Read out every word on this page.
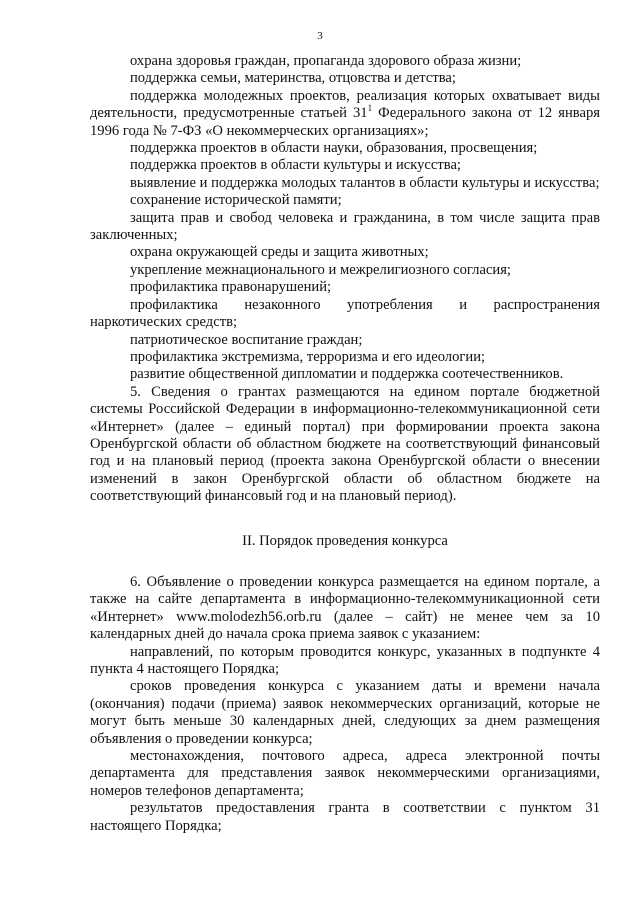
3

охрана здоровья граждан, пропаганда здорового образа жизни;

поддержка семьи, материнства, отцовства и детства;

поддержка молодежных проектов, реализация которых охватывает виды деятельности, предусмотренные статьей $31^1$ Федерального закона от 12 января 1996 года № 7-ФЗ «О некоммерческих организациях»;

поддержка проектов в области науки, образования, просвещения;

поддержка проектов в области культуры и искусства;

выявление и поддержка молодых талантов в области культуры и искусства;

сохранение исторической памяти;

защита прав и свобод человека и гражданина, в том числе защита прав заключенных;

охрана окружающей среды и защита животных;

укрепление межнационального и межрелигиозного согласия;

профилактика правонарушений;

профилактика незаконного употребления и распространения наркотических средств;

патриотическое воспитание граждан;

профилактика экстремизма, терроризма и его идеологии;

развитие общественной дипломатии и поддержка соотечественников.

5. Сведения о грантах размещаются на едином портале бюджетной системы Российской Федерации в информационно-телекоммуникационной сети «Интернет» (далее – единый портал) при формировании проекта закона Оренбургской области об областном бюджете на соответствующий финансовый год и на плановый период (проекта закона Оренбургской области о внесении изменений в закон Оренбургской области об областном бюджете на соответствующий финансовый год и на плановый период).

II. Порядок проведения конкурса

6. Объявление о проведении конкурса размещается на едином портале, а также на сайте департамента в информационно-телекоммуникационной сети «Интернет» www.molodezh56.orb.ru (далее – сайт) не менее чем за 10 календарных дней до начала срока приема заявок с указанием:

направлений, по которым проводится конкурс, указанных в подпункте 4 пункта 4 настоящего Порядка;

сроков проведения конкурса с указанием даты и времени начала (окончания) подачи (приема) заявок некоммерческих организаций, которые не могут быть меньше 30 календарных дней, следующих за днем размещения объявления о проведении конкурса;

местонахождения, почтового адреса, адреса электронной почты департамента для представления заявок некоммерческими организациями, номеров телефонов департамента;

результатов предоставления гранта в соответствии с пунктом 31 настоящего Порядка;
